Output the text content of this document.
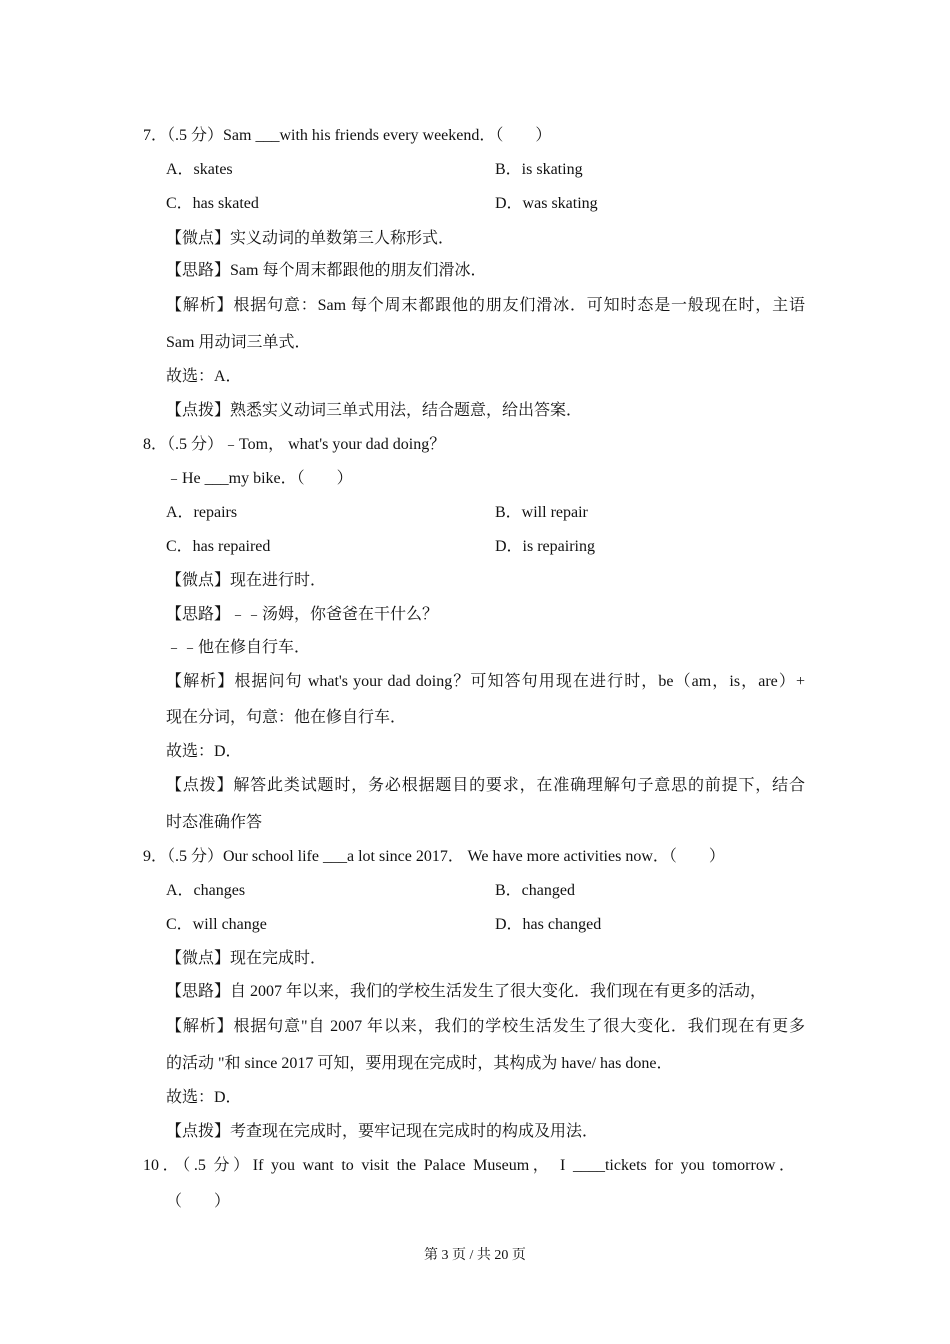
7．（.5 分）Sam ___with his friends every weekend．（　　）
A．skates	B．is skating
C．has skated	D．was skating
【微点】实义动词的单数第三人称形式．
【思路】Sam 每个周末都跟他的朋友们滑冰．
【解析】根据句意：Sam 每个周末都跟他的朋友们滑冰．可知时态是一般现在时，主语
Sam 用动词三单式．
故选：A．
【点拨】熟悉实义动词三单式用法，结合题意，给出答案．
8．（.5 分）﹣Tom， what's your dad doing？
﹣He ___my bike．（　　）
A．repairs	B．will repair
C．has repaired	D．is repairing
【微点】现在进行时．
【思路】﹣﹣汤姆，你爸爸在干什么？
﹣﹣他在修自行车．
【解析】根据问句 what's your dad doing？可知答句用现在进行时，be（am，is，are）+
现在分词，句意：他在修自行车．
故选：D．
【点拨】解答此类试题时，务必根据题目的要求，在准确理解句子意思的前提下，结合
时态准确作答
9．（.5 分）Our school life ___a lot since 2017． We have more activities now．（　　）
A．changes	B．changed
C．will change	D．has changed
【微点】现在完成时．
【思路】自 2007 年以来，我们的学校生活发生了很大变化．我们现在有更多的活动，
【解析】根据句意"自 2007 年以来，我们的学校生活发生了很大变化．我们现在有更多
的活动 "和 since 2017 可知，要用现在完成时，其构成为 have/ has done．
故选：D．
【点拨】考查现在完成时，要牢记现在完成时的构成及用法．
10．（.5 分）If you want to visit the Palace Museum， I ____tickets for you tomorrow．
（　　）
第 3 页 / 共 20 页
